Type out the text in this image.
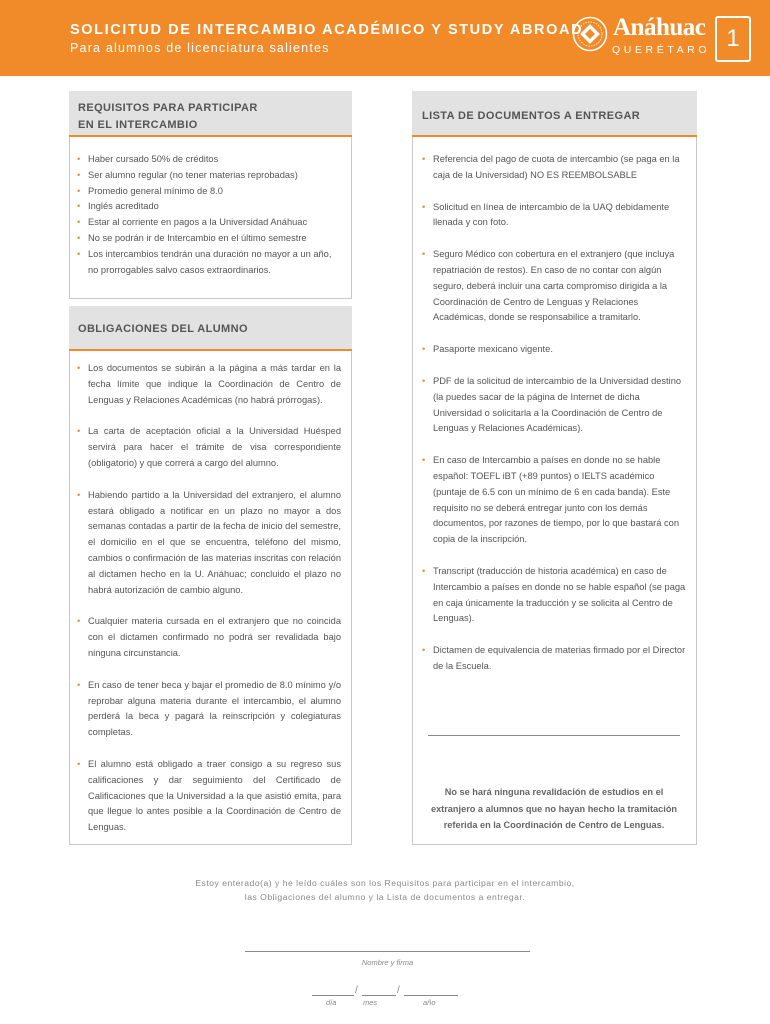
SOLICITUD DE INTERCAMBIO ACADÉMICO Y STUDY ABROAD
Para alumnos de licenciatura salientes
Anáhuac
QUERÉTARO 1
REQUISITOS PARA PARTICIPAR
EN EL INTERCAMBIO
• Haber cursado 50% de créditos
• Ser alumno regular (no tener materias reprobadas)
• Promedio general mínimo de 8.0
• Inglés acreditado
• Estar al corriente en pagos a la Universidad Anáhuac
• No se podrán ir de Intercambio en el último semestre
• Los intercambios tendrán una duración no mayor a un año, no prorrogables salvo casos extraordinarios.
OBLIGACIONES DEL ALUMNO
• Los documentos se subirán a la página a más tardar en la fecha límite que indique la Coordinación de Centro de Lenguas y Relaciones Académicas (no habrá prórrogas).
• La carta de aceptación oficial a la Universidad Huésped servirá para hacer el trámite de visa correspondiente (obligatorio) y que correrá a cargo del alumno.
• Habiendo partido a la Universidad del extranjero, el alumno estará obligado a notificar en un plazo no mayor a dos semanas contadas a partir de la fecha de inicio del semestre, el domicilio en el que se encuentra, teléfono del mismo, cambios o confirmación de las materias inscritas con relación al dictamen hecho en la U. Anáhuac; concluido el plazo no habrá autorización de cambio alguno.
• Cualquier materia cursada en el extranjero que no coincida con el dictamen confirmado no podrá ser revalidada bajo ninguna circunstancia.
• En caso de tener beca y bajar el promedio de 8.0 mínimo y/o reprobar alguna materia durante el intercambio, el alumno perderá la beca y pagará la reinscripción y colegiaturas completas.
• El alumno está obligado a traer consigo a su regreso sus calificaciones y dar seguimiento del Certificado de Calificaciones que la Universidad a la que asistió emita, para que llegue lo antes posible a la Coordinación de Centro de Lenguas.
LISTA DE DOCUMENTOS A ENTREGAR
• Referencia del pago de cuota de intercambio (se paga en la caja de la Universidad) NO ES REEMBOLSABLE
• Solicitud en línea de intercambio de la UAQ debidamente llenada y con foto.
• Seguro Médico con cobertura en el extranjero (que incluya repatriación de restos). En caso de no contar con algún seguro, deberá incluir una carta compromiso dirigida a la Coordinación de Centro de Lenguas y Relaciones Académicas, donde se responsabilice a tramitarlo.
• Pasaporte mexicano vigente.
• PDF de la solicitud de intercambio de la Universidad destino (la puedes sacar de la página de Internet de dicha Universidad o solicitarla a la Coordinación de Centro de Lenguas y Relaciones Académicas).
• En caso de Intercambio a países en donde no se hable español: TOEFL iBT (+89 puntos) o IELTS académico (puntaje de 6.5 con un mínimo de 6 en cada banda). Este requisito no se deberá entregar junto con los demás documentos, por razones de tiempo, por lo que bastará con copia de la inscripción.
• Transcript (traducción de historia académica) en caso de Intercambio a países en donde no se hable español (se paga en caja únicamente la traducción y se solicita al Centro de Lenguas).
• Dictamen de equivalencia de materias firmado por el Director de la Escuela.
No se hará ninguna revalidación de estudios en el extranjero a alumnos que no hayan hecho la tramitación referida en la Coordinación de Centro de Lenguas.
Estoy enterado(a) y he leído cuáles son los Requisitos para participar en el intercambio,
las Obligaciones del alumno y la Lista de documentos a entregar.
Nombre y firma
/	/
día	mes	año
